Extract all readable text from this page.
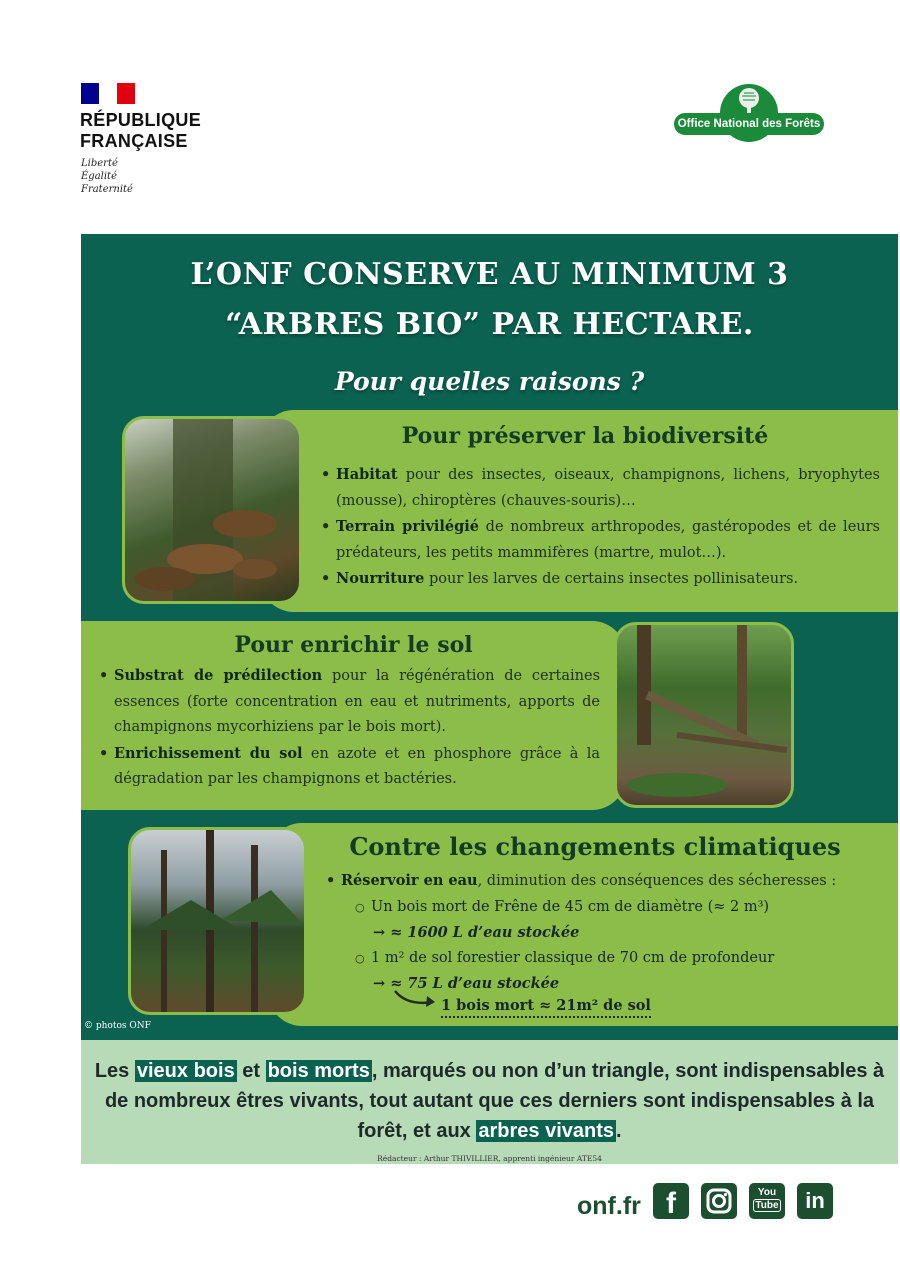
RÉPUBLIQUE
FRANÇAISE
Liberté
Égalité
Fraternité
Office National des Forêts
L’ONF CONSERVE AU MINIMUM 3
“ARBRES BIO” PAR HECTARE.
Pour quelles raisons ?
Pour préserver la biodiversité
• Habitat pour des insectes, oiseaux, champignons, lichens, bryophytes (mousse), chiroptères (chauves-souris)…
• Terrain privilégié de nombreux arthropodes, gastéropodes et de leurs prédateurs, les petits mammifères (martre, mulot…).
• Nourriture pour les larves de certains insectes pollinisateurs.
Pour enrichir le sol
• Substrat de prédilection pour la régénération de certaines essences (forte concentration en eau et nutriments, apports de champignons mycorhiziens par le bois mort).
• Enrichissement du sol en azote et en phosphore grâce à la dégradation par les champignons et bactéries.
Contre les changements climatiques
• Réservoir en eau, diminution des conséquences des sécheresses :
○ Un bois mort de Frêne de 45 cm de diamètre (≈ 2 m³)
→ ≈ 1600 L d’eau stockée
○ 1 m² de sol forestier classique de 70 cm de profondeur
→ ≈ 75 L d’eau stockée
1 bois mort ≈ 21m² de sol
© photos ONF
Les vieux bois et bois morts , marqués ou non d’un triangle, sont indispensables à de nombreux êtres vivants, tout autant que ces derniers sont indispensables à la forêt, et aux arbres vivants .
Rédacteur : Arthur THIVILLIER, apprenti ingénieur ATE54
onf.fr f	You
Tube	in
